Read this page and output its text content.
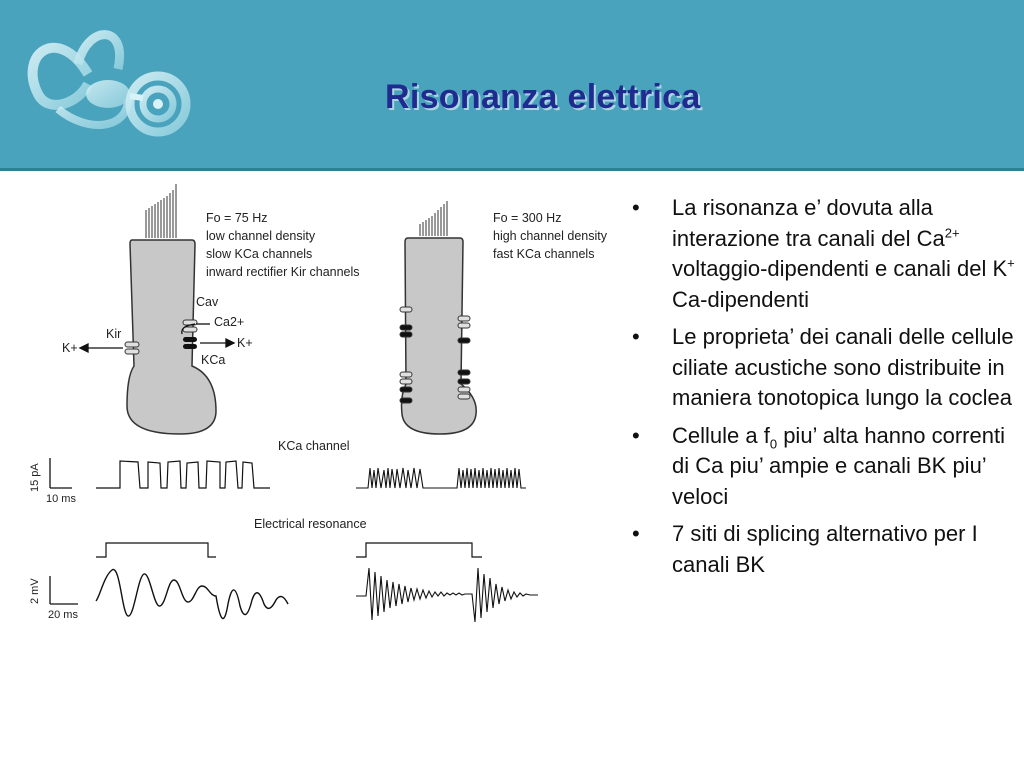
Risonanza elettrica
Fo = 75 Hz
low channel density
slow KCa channels
inward rectifier Kir channels
Cav
Ca2+
Kir
KCa
K+	K+
Fo = 300 Hz
high channel density
fast KCa channels
KCa channel
15 pA
10 ms
Electrical resonance
2 mV
20 ms
• La risonanza e’ dovuta alla interazione tra canali del $Ca^{2+}$ voltaggio-dipendenti e canali del K+ Ca-dipendenti
• Le proprieta’ dei canali delle cellule ciliate acustiche sono distribuite in maniera tonotopica lungo la coclea
• Cellule a $f_0$ piu’ alta hanno correnti di Ca piu’ ampie e canali BK piu’ veloci
• 7 siti di splicing alternativo per I canali BK
